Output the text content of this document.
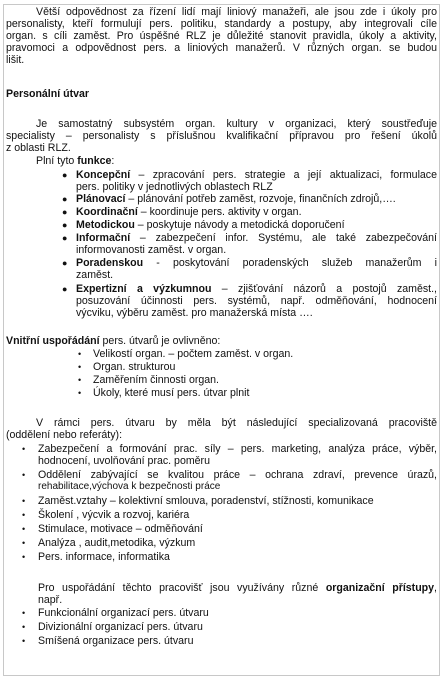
Větší odpovědnost za řízení lidí mají liniový manažeři, ale jsou zde i úkoly pro
personalisty, kteří formulují pers. politiku, standardy a postupy, aby integrovali cíle
organ. s cíli zaměst. Pro úspěšné RLZ je důležité stanovit pravidla, úkoly a aktivity,
pravomoci a odpovědnost pers. a liniových manažerů. V různých organ. se budou
lišit.
Personální útvar
Je samostatný subsystém organ. kultury v organizaci, který soustřeďuje
specialisty – personalisty s příslušnou kvalifikační přípravou pro řešení úkolů
z oblasti RLZ.
Plní tyto funkce:
● Koncepční – zpracování pers. strategie a její aktualizaci, formulace
pers. politiky v jednotlivých oblastech RLZ
● Plánovací – plánování potřeb zaměst, rozvoje, finančních zdrojů,….
● Koordinační – koordinuje pers. aktivity v organ.
● Metodickou – poskytuje návody a metodická doporučení
● Informační – zabezpečení infor. Systému, ale také zabezpečování
informovanosti zaměst. v organ.
● Poradenskou - poskytování poradenských služeb manažerům i
zaměst.
● Expertizní a výzkumnou – zjišťování názorů a postojů zaměst.,
posuzování účinnosti pers. systémů, např. odměňování, hodnocení
výcviku, výběru zaměst. pro manažerská místa ….
Vnitřní uspořádání pers. útvarů je ovlivněno:
• Velikostí organ. – počtem zaměst. v organ.
• Organ. strukturou
• Zaměřením činnosti organ.
• Úkoly, které musí pers. útvar plnit
V rámci pers. útvaru by měla být následující specializovaná pracoviště
(oddělení nebo referáty):
• Zabezpečení a formování prac. síly – pers. marketing, analýza práce, výběr,
hodnocení, uvolňování prac. poměru
• Oddělení zabývající se kvalitou práce – ochrana zdraví, prevence úrazů,
rehabilitace,výchova k bezpečnosti práce
• Zaměst.vztahy – kolektivní smlouva, poradenství, stížnosti, komunikace
• Školení , výcvik a rozvoj, kariéra
• Stimulace, motivace – odměňování
• Analýza , audit,metodika, výzkum
• Pers. informace, informatika
Pro uspořádání těchto pracovišť jsou využívány různé organizační přístupy,
např.
• Funkcionální organizací pers. útvaru
• Divizionální organizací pers. útvaru
• Smíšená organizace pers. útvaru
